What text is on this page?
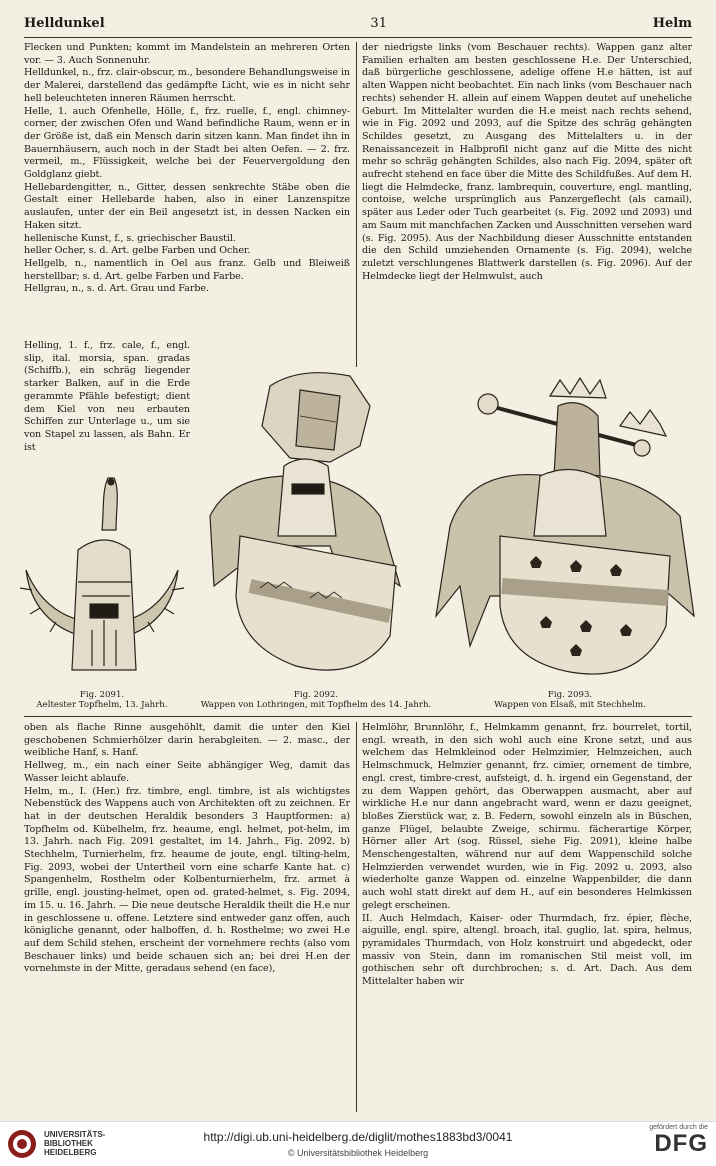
Helldunkel	31	Helm

Flecken und Punkten; kommt im Mandelstein an mehreren Orten vor. — 3. Auch Sonnenuhr.

Helldunkel, n., frz. clair-obscur, m., besondere Behandlungsweise in der Malerei, darstellend das gedämpfte Licht, wie es in nicht sehr hell beleuchteten inneren Räumen herrscht.

Helle, 1. auch Ofenhelle, Hölle, f., frz. ruelle, f., engl. chimney-corner, der zwischen Ofen und Wand befindliche Raum, wenn er in der Größe ist, daß ein Mensch darin sitzen kann. Man findet ihn in Bauernhäusern, auch noch in der Stadt bei alten Oefen. — 2. frz. vermeil, m., Flüssigkeit, welche bei der Feuervergoldung den Goldglanz giebt.

Hellebardengitter, n., Gitter, dessen senkrechte Stäbe oben die Gestalt einer Hellebarde haben, also in einer Lanzenspitze auslaufen, unter der ein Beil angesetzt ist, in dessen Nacken ein Haken sitzt.

hellenische Kunst, f., s. griechischer Baustil.

heller Ocher, s. d. Art. gelbe Farben und Ocher.

Hellgelb, n., namentlich in Oel aus franz. Gelb und Bleiweiß herstellbar; s. d. Art. gelbe Farben und Farbe.

Hellgrau, n., s. d. Art. Grau und Farbe.

Helling, 1. f., frz. cale, f., engl. slip, ital. morsia, span. gradas (Schiffb.), ein schräg liegender starker Balken, auf in die Erde gerammte Pfähle befestigt; dient dem Kiel von neu erbauten Schiffen zur Unterlage u., um sie von Stapel zu lassen, als Bahn. Er ist

der niedrigste links (vom Beschauer rechts). Wappen ganz alter Familien erhalten am besten geschlossene H.e. Der Unterschied, daß bürgerliche geschlossene, adelige offene H.e hätten, ist auf alten Wappen nicht beobachtet. Ein nach links (vom Beschauer nach rechts) sehender H. allein auf einem Wappen deutet auf uneheliche Geburt. Im Mittelalter wurden die H.e meist nach rechts sehend, wie in Fig. 2092 und 2093, auf die Spitze des schräg gehängten Schildes gesetzt, zu Ausgang des Mittelalters u. in der Renaissancezeit in Halbprofil nicht ganz auf die Mitte des nicht mehr so schräg gehängten Schildes, also nach Fig. 2094, später oft aufrecht stehend en face über die Mitte des Schildfußes. Auf dem H. liegt die Helmdecke, franz. lambrequin, couverture, engl. mantling, contoise, welche ursprünglich aus Panzergeflecht (als camail), später aus Leder oder Tuch gearbeitet (s. Fig. 2092 und 2093) und am Saum mit manchfachen Zacken und Ausschnitten versehen ward (s. Fig. 2095). Aus der Nachbildung dieser Ausschnitte entstanden die den Schild umziehenden Ornamente (s. Fig. 2094), welche zuletzt verschlungenes Blattwerk darstellen (s. Fig. 2096). Auf der Helmdecke liegt der Helmwulst, auch

Fig. 2091.
Aeltester Topfhelm, 13. Jahrh.
Fig. 2092.
Wappen von Lothringen, mit Topfhelm des 14. Jahrh.
Fig. 2093.
Wappen von Elsaß, mit Stechhelm.

oben als flache Rinne ausgehöhlt, damit die unter den Kiel geschobenen Schmierhölzer darin herabgleiten. — 2. masc., der weibliche Hanf, s. Hanf.

Hellweg, m., ein nach einer Seite abhängiger Weg, damit das Wasser leicht ablaufe.

Helm, m., I. (Her.) frz. timbre, engl. timbre, ist als wichtigstes Nebenstück des Wappens auch von Architekten oft zu zeichnen. Er hat in der deutschen Heraldik besonders 3 Hauptformen: a) Topfhelm od. Kübelhelm, frz. heaume, engl. helmet, pot-helm, im 13. Jahrh. nach Fig. 2091 gestaltet, im 14. Jahrh., Fig. 2092. b) Stechhelm, Turnierhelm, frz. heaume de joute, engl. tilting-helm, Fig. 2093, wobei der Untertheil vorn eine scharfe Kante hat. c) Spangenhelm, Rosthelm oder Kolbenturnierhelm, frz. armet à grille, engl. jousting-helmet, open od. grated-helmet, s. Fig. 2094, im 15. u. 16. Jahrh. — Die neue deutsche Heraldik theilt die H.e nur in geschlossene u. offene. Letztere sind entweder ganz offen, auch königliche genannt, oder halboffen, d. h. Rosthelme; wo zwei H.e auf dem Schild stehen, erscheint der vornehmere rechts (also vom Beschauer links) und beide schauen sich an; bei drei H.en der vornehmste in der Mitte, geradaus sehend (en face),

Helmlöhr, Brunnlöhr, f., Helmkamm genannt, frz. bourrelet, tortil, engl. wreath, in den sich wohl auch eine Krone setzt, und aus welchem das Helmkleinod oder Helmzimier, Helmzeichen, auch Helmschmuck, Helmzier genannt, frz. cimier, ornement de timbre, engl. crest, timbre-crest, aufsteigt, d. h. irgend ein Gegenstand, der zu dem Wappen gehört, das Oberwappen ausmacht, aber auf wirkliche H.e nur dann angebracht ward, wenn er dazu geeignet, bloßes Zierstück war, z. B. Federn, sowohl einzeln als in Büschen, ganze Flügel, belaubte Zweige, schirmu. fächerartige Körper, Hörner aller Art (sog. Rüssel, siehe Fig. 2091), kleine halbe Menschengestalten, während nur auf dem Wappenschild solche Helmzierden verwendet wurden, wie in Fig. 2092 u. 2093, also wiederholte ganze Wappen od. einzelne Wappenbilder, die dann auch wohl statt direkt auf dem H., auf ein besonderes Helmkissen gelegt erscheinen.

II. Auch Helmdach, Kaiser- oder Thurmdach, frz. épier, flèche, aiguille, engl. spire, altengl. broach, ital. guglio, lat. spira, helmus, pyramidales Thurmdach, von Holz konstruirt und abgedeckt, oder massiv von Stein, dann im romanischen Stil meist voll, im gothischen sehr oft durchbrochen; s. d. Art. Dach. Aus dem Mittelalter haben wir

UNIVERSITÄTS- BIBLIOTHEK HEIDELBERG
http://digi.ub.uni-heidelberg.de/diglit/mothes1883bd3/0041
© Universitätsbibliothek Heidelberg
gefördert durch die
DFG
